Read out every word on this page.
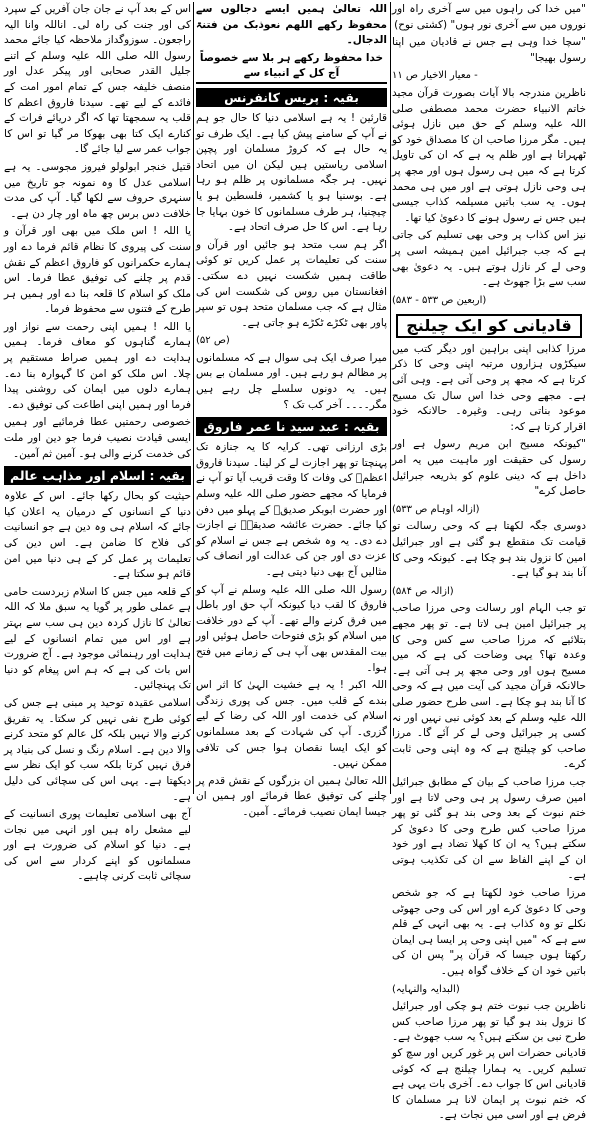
"میں خدا کی راہوں میں سے آخری راہ اور نوروں میں سے آخری نور ہوں" (کشتی نوح)

"سچا خدا وہی ہے جس نے قادیان میں اپنا رسول بھیجا"

- معیار الاخیار ص ۱۱

ناظرین مندرجہ بالا آیات بصورت قرآن مجید خاتم الانبیاء حضرت محمد مصطفی صلی اللہ علیہ وسلم کے حق میں نازل ہوئی ہیں۔ مگر مرزا صاحب ان کا مصداق خود کو ٹھہراتا ہے اور ظلم یہ ہے کہ ان کی تاویل کرتا ہے کہ میں ہی رسول ہوں اور مجھ پر ہی وحی نازل ہوتی ہے اور میں ہی محمد ہوں۔ یہ سب باتیں مسیلمہ کذاب جیسی ہیں جس نے رسول ہونے کا دعویٰ کیا تھا۔

نیز اس کذاب پر وحی بھی تسلیم کی جاتی ہے کہ جب جبرائیل امین ہمیشہ اسی پر وحی لے کر نازل ہوتے ہیں۔ یہ دعویٰ بھی سب سے بڑا جھوٹ ہے۔

(اربعین ص ۵۳۳ - ۵۸۳)

قادیانی کو ایک چیلنج

مرزا کذابی اپنی براہین اور دیگر کتب میں سیکڑوں ہزاروں مرتبہ اپنی وحی کا ذکر کرتا ہے کہ مجھ پر وحی آتی ہے۔ وہی آئی ہے۔ مجھے وحی خدا اس سال تک مسیح موعود بناتی رہی۔ وغیرہ۔ حالانکہ خود اقرار کرتا ہے کہ:

"کیونکہ مسیح ابن مریم رسول ہے اور رسول کی حقیقت اور ماہیت میں یہ امر داخل ہے کہ دینی علوم کو بذریعہ جبرائیل حاصل کرے"

(ازالہ اوہام ص ۵۳۳)

دوسری جگہ لکھتا ہے کہ وحی رسالت تو قیامت تک منقطع ہو گئی ہے اور جبرائیل امین کا نزول بند ہو چکا ہے۔ کیونکہ وحی کا آنا بند ہو گیا ہے۔

(ازالہ ص ۵۸۴)

تو جب الہام اور رسالت وحی مرزا صاحب پر جبرائیل امین ہی لاتا ہے۔ تو پھر مجھے بتلائیے کہ مرزا صاحب سے کس وحی کا وعدہ تھا؟ یہی وضاحت کی ہے کہ میں مسیح ہوں اور وحی مجھ پر ہی آتی ہے۔ حالانکہ قرآن مجید کی آیت میں ہے کہ وحی کا آنا بند ہو چکا ہے۔ اسی طرح حضور صلی اللہ علیہ وسلم کے بعد کوئی نبی نہیں اور نہ کسی پر جبرائیل وحی لے کر آئے گا۔ مرزا صاحب کو چیلنج ہے کہ وہ اپنی وحی ثابت کرے۔

جب مرزا صاحب کے بیان کے مطابق جبرائیل امین صرف رسول پر ہی وحی لاتا ہے اور ختم نبوت کے بعد وحی بند ہو گئی تو پھر مرزا صاحب کس طرح وحی کا دعویٰ کر سکتے ہیں؟ یہ ان کا کھلا تضاد ہے اور خود ان کے اپنے الفاظ سے ان کی تکذیب ہوتی ہے۔

مرزا صاحب خود لکھتا ہے کہ جو شخص وحی کا دعویٰ کرے اور اس کی وحی جھوٹی نکلے تو وہ کذاب ہے۔ یہ بھی انہی کے قلم سے ہے کہ "میں اپنی وحی پر ایسا ہی ایمان رکھتا ہوں جیسا کہ قرآن پر" پس ان کی باتیں خود ان کے خلاف گواہ ہیں۔

(البدایہ والنہایہ)

ناظرین جب نبوت ختم ہو چکی اور جبرائیل کا نزول بند ہو گیا تو پھر مرزا صاحب کس طرح نبی بن سکتے ہیں؟ یہ سب جھوٹ ہے۔ قادیانی حضرات اس پر غور کریں اور سچ کو تسلیم کریں۔ یہ ہمارا چیلنج ہے کہ کوئی قادیانی اس کا جواب دے۔ آخری بات یہی ہے کہ ختم نبوت پر ایمان لانا ہر مسلمان کا فرض ہے اور اسی میں نجات ہے۔

اللہ تعالیٰ ہمیں ایسے دجالوں سے محفوظ رکھے اللھم نعوذبک من فتنۃ الدجال۔

خدا محفوظ رکھے ہر بلا سے خصوصاً آج کل کے انبیاء سے

بقیہ : پریس کانفرنس

قارئین ! یہ ہے اسلامی دنیا کا حال جو ہم نے آپ کے سامنے پیش کیا ہے۔ ایک طرف تو یہ حال ہے کہ کروڑ مسلمان اور پچپن اسلامی ریاستیں ہیں لیکن ان میں اتحاد نہیں۔ ہر جگہ مسلمانوں پر ظلم ہو رہا ہے۔ بوسنیا ہو یا کشمیر، فلسطین ہو یا چیچنیا، ہر طرف مسلمانوں کا خون بہایا جا رہا ہے۔ اس کا حل صرف اتحاد ہے۔

اگر ہم سب متحد ہو جائیں اور قرآن و سنت کی تعلیمات پر عمل کریں تو کوئی طاقت ہمیں شکست نہیں دے سکتی۔ افغانستان میں روس کی شکست اس کی مثال ہے کہ جب مسلمان متحد ہوں تو سپر پاور بھی ٹکڑے ٹکڑے ہو جاتی ہے۔

(ص ۵۲)

میرا صرف ایک ہی سوال ہے کہ مسلمانوں پر مظالم ہو رہے ہیں۔ اور مسلمان بے بس ہیں۔ یہ دونوں سلسلے چل رہے ہیں مگر۔۔۔۔ آخر کب تک ؟

بقیہ : عبد سید نا عمر فاروق

بڑی ارزانی تھی۔ کرایہ کا یہ جنازہ تک پہنچتا تو پھر اجازت لے کر لینا۔ سیدنا فاروق اعظمؓ کی وفات کا وقت قریب آیا تو آپ نے فرمایا کہ مجھے حضور صلی اللہ علیہ وسلم اور حضرت ابوبکر صدیقؓ کے پہلو میں دفن کیا جائے۔ حضرت عائشہ صدیقہؓ نے اجازت دے دی۔ یہ وہ شخص ہے جس نے اسلام کو عزت دی اور جن کی عدالت اور انصاف کی مثالیں آج بھی دنیا دیتی ہے۔

رسول اللہ صلی اللہ علیہ وسلم نے آپ کو فاروق کا لقب دیا کیونکہ آپ حق اور باطل میں فرق کرنے والے تھے۔ آپ کے دور خلافت میں اسلام کو بڑی فتوحات حاصل ہوئیں اور بیت المقدس بھی آپ ہی کے زمانے میں فتح ہوا۔

اللہ اکبر ! یہ ہے خشیت الہیٰ کا اثر اس بندے کے قلب میں۔ جس کی پوری زندگی اسلام کی خدمت اور اللہ کی رضا کے لیے گزری۔ آپ کی شہادت کے بعد مسلمانوں کو ایک ایسا نقصان ہوا جس کی تلافی ممکن نہیں۔

اللہ تعالیٰ ہمیں ان بزرگوں کے نقش قدم پر چلنے کی توفیق عطا فرمائے اور ہمیں ان جیسا ایمان نصیب فرمائے۔ آمین۔

اس کے بعد آپ نے جان جان آفریں کے سپرد کی اور جنت کی راہ لی۔ اناللہ وانا الیہ راجعون۔ سوزوگداز ملاحظہ کیا جائے محمد رسول اللہ صلی اللہ علیہ وسلم کے اتنے جلیل القدر صحابی اور پیکر عدل اور منصف خلیفہ جس کے تمام امور امت کے فائدے کے لیے تھے۔ سیدنا فاروق اعظم کا قلب یہ سمجھتا تھا کہ اگر دریائے فرات کے کنارے ایک کتا بھی بھوکا مر گیا تو اس کا جواب عمر سے لیا جائے گا۔

قتیل خنجر ابولولو فیروز مجوسی۔ یہ ہے اسلامی عدل کا وہ نمونہ جو تاریخ میں سنہری حروف سے لکھا گیا۔ آپ کی مدت خلافت دس برس چھ ماہ اور چار دن ہے۔

یا اللہ ! اس ملک میں بھی اور قرآن و سنت کی پیروی کا نظام قائم فرما دے اور ہمارے حکمرانوں کو فاروق اعظم کے نقش قدم پر چلنے کی توفیق عطا فرما۔ اس ملک کو اسلام کا قلعہ بنا دے اور ہمیں ہر طرح کے فتنوں سے محفوظ فرما۔

یا اللہ ! ہمیں اپنی رحمت سے نواز اور ہمارے گناہوں کو معاف فرما۔ ہمیں ہدایت دے اور ہمیں صراط مستقیم پر چلا۔ اس ملک کو امن کا گہوارہ بنا دے۔ ہمارے دلوں میں ایمان کی روشنی پیدا فرما اور ہمیں اپنی اطاعت کی توفیق دے۔

خصوصی رحمتیں عطا فرمائیے اور ہمیں ایسی قیادت نصیب فرما جو دین اور ملت کی خدمت کرنے والی ہو۔ آمین ثم آمین۔

بقیہ : اسلام اور مذاہب عالم

حیثیت کو بحال رکھا جائے۔ اس کے علاوہ دنیا کے انسانوں کے درمیان یہ اعلان کیا جائے کہ اسلام ہی وہ دین ہے جو انسانیت کی فلاح کا ضامن ہے۔ اس دین کی تعلیمات پر عمل کر کے ہی دنیا میں امن قائم ہو سکتا ہے۔

کے قلعہ میں جس کا اسلام زبردست حامی ہے عملی طور پر گویا یہ سبق ملا کہ اللہ تعالیٰ کا نازل کردہ دین ہی سب سے بہتر ہے اور اس میں تمام انسانوں کے لیے ہدایت اور رہنمائی موجود ہے۔ آج ضرورت اس بات کی ہے کہ ہم اس پیغام کو دنیا تک پہنچائیں۔

اسلامی عقیدہ توحید پر مبنی ہے جس کی کوئی طرح نفی نہیں کر سکتا۔ یہ تفریق کرنے والا نہیں بلکہ کل عالم کو متحد کرنے والا دین ہے۔ اسلام رنگ و نسل کی بنیاد پر فرق نہیں کرتا بلکہ سب کو ایک نظر سے دیکھتا ہے۔ یہی اس کی سچائی کی دلیل ہے۔

آج بھی اسلامی تعلیمات پوری انسانیت کے لیے مشعل راہ ہیں اور انہی میں نجات ہے۔ دنیا کو اسلام کی ضرورت ہے اور مسلمانوں کو اپنے کردار سے اس کی سچائی ثابت کرنی چاہیے۔
